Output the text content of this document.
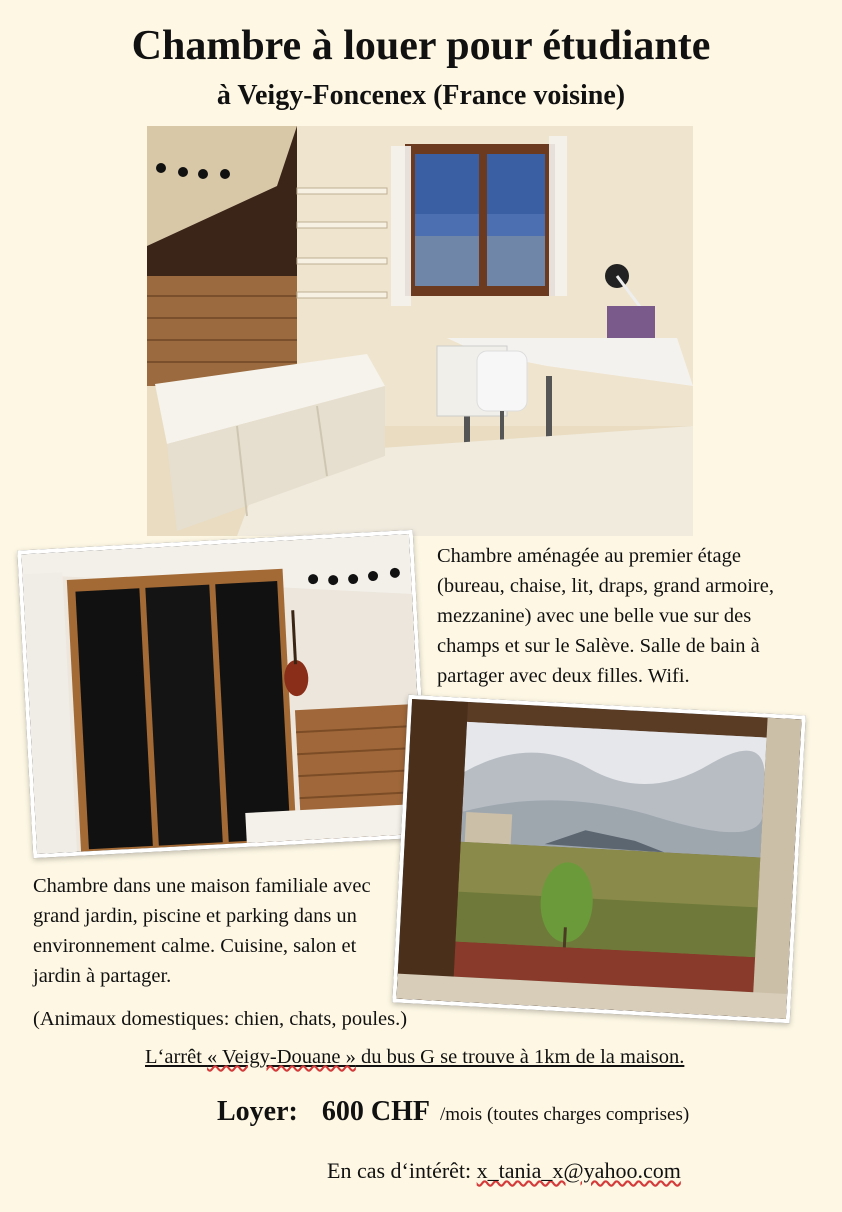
Chambre à louer pour étudiante
à Veigy-Foncenex (France voisine)

Chambre aménagée au premier étage (bureau, chaise, lit, draps, grand armoire, mezzanine) avec une belle vue sur des champs et sur le Salève. Salle de bain à partager avec deux filles. Wifi.

Chambre dans une maison familiale avec grand jardin, piscine et parking dans un environnement calme. Cuisine, salon et jardin à partager.

(Animaux domestiques: chien, chats, poules.)

L‘arrêt « Veigy-Douane » du bus G se trouve à 1km de la maison.
Loyer: 600 CHF /mois (toutes charges comprises)
En cas d‘intérêt: x_tania_x@yahoo.com
